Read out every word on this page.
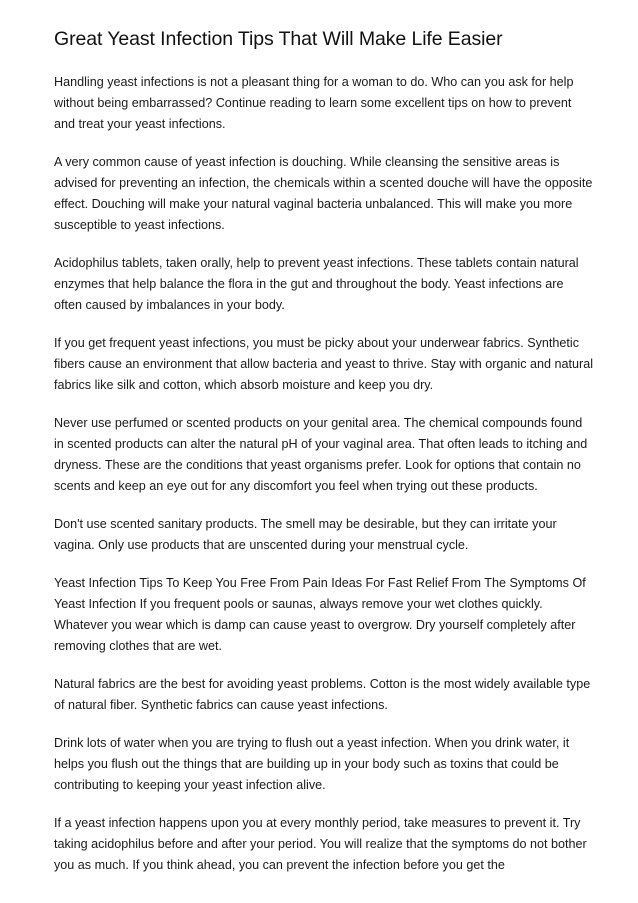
Great Yeast Infection Tips That Will Make Life Easier

Handling yeast infections is not a pleasant thing for a woman to do. Who can you ask for help without being embarrassed? Continue reading to learn some excellent tips on how to prevent and treat your yeast infections.

A very common cause of yeast infection is douching. While cleansing the sensitive areas is advised for preventing an infection, the chemicals within a scented douche will have the opposite effect. Douching will make your natural vaginal bacteria unbalanced. This will make you more susceptible to yeast infections.

Acidophilus tablets, taken orally, help to prevent yeast infections. These tablets contain natural enzymes that help balance the flora in the gut and throughout the body. Yeast infections are often caused by imbalances in your body.

If you get frequent yeast infections, you must be picky about your underwear fabrics. Synthetic fibers cause an environment that allow bacteria and yeast to thrive. Stay with organic and natural fabrics like silk and cotton, which absorb moisture and keep you dry.

Never use perfumed or scented products on your genital area. The chemical compounds found in scented products can alter the natural pH of your vaginal area. That often leads to itching and dryness. These are the conditions that yeast organisms prefer. Look for options that contain no scents and keep an eye out for any discomfort you feel when trying out these products.

Don't use scented sanitary products. The smell may be desirable, but they can irritate your vagina. Only use products that are unscented during your menstrual cycle.

Yeast Infection Tips To Keep You Free From Pain Ideas For Fast Relief From The Symptoms Of Yeast Infection If you frequent pools or saunas, always remove your wet clothes quickly. Whatever you wear which is damp can cause yeast to overgrow. Dry yourself completely after removing clothes that are wet.

Natural fabrics are the best for avoiding yeast problems. Cotton is the most widely available type of natural fiber. Synthetic fabrics can cause yeast infections.

Drink lots of water when you are trying to flush out a yeast infection. When you drink water, it helps you flush out the things that are building up in your body such as toxins that could be contributing to keeping your yeast infection alive.

If a yeast infection happens upon you at every monthly period, take measures to prevent it. Try taking acidophilus before and after your period. You will realize that the symptoms do not bother you as much. If you think ahead, you can prevent the infection before you get the
